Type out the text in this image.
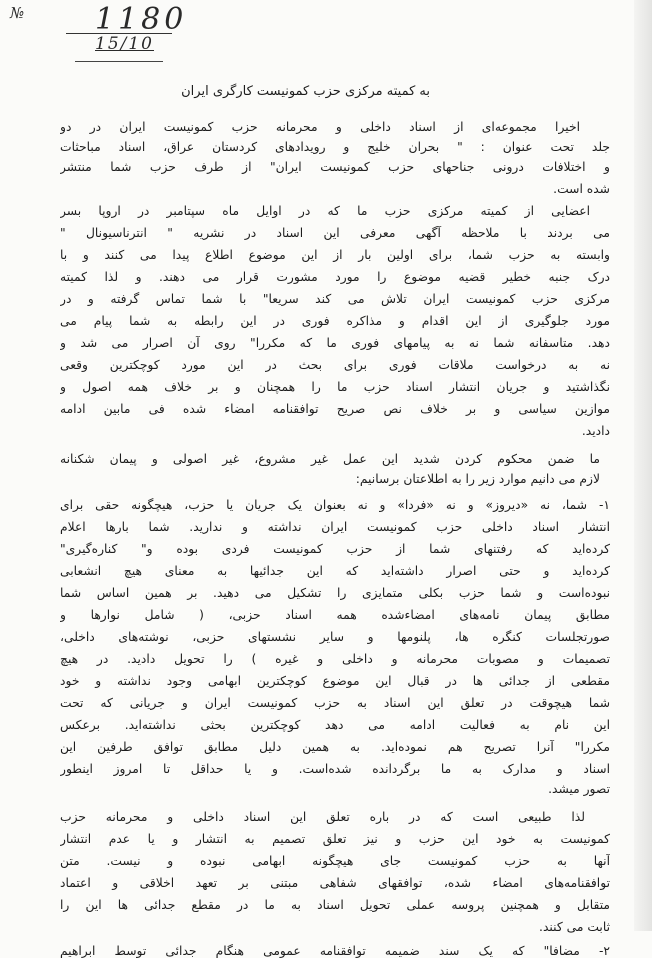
№ 1180
15/10
به کمیته مرکزی حزب کمونیست کارگری ایران
اخیرا مجموعه‌ای از اسناد داخلی و محرمانه حزب کمونیست ایران در دو
جلد تحت عنوان : " بحران خلیج و رویدادهای کردستان عراق، اسناد مباحثات
و اختلافات درونی جناحهای حزب کمونیست ایران" از طرف حزب شما منتشر
شده است.
اعضایی از کمیته مرکزی حزب ما که در اوایل ماه سپتامبر در اروپا بسر
می بردند با ملاحظه آگهی معرفی این اسناد در نشریه " انترناسیونال "
وابسته به حزب شما، برای اولین بار از این موضوع اطلاع پیدا می کنند و با
درک جنبه خطیر قضیه موضوع را مورد مشورت قرار می دهند. و لذا کمیته
مرکزی حزب کمونیست ایران تلاش می کند سریعا" با شما تماس گرفته و در
مورد جلوگیری از این اقدام و مذاکره فوری در این رابطه به شما پیام می
دهد. متاسفانه شما نه به پیامهای فوری ما که مکررا" روی آن اصرار می شد و
نه به درخواست ملاقات فوری برای بحث در این مورد کوچکترین وقعی
نگذاشتید و جریان انتشار اسناد حزب ما را همچنان و بر خلاف همه اصول و
موازین سیاسی و بر خلاف نص صریح توافقنامه امضاء شده فی مابین ادامه
دادید.
ما ضمن محکوم کردن شدید این عمل غیر مشروع، غیر اصولی و پیمان شکنانه
لازم می دانیم موارد زیر را به اطلاعتان برسانیم:
۱- شما، نه «دیروز» و نه «فردا» و نه بعنوان یک جریان یا حزب، هیچگونه حقی برای
انتشار اسناد داخلی حزب کمونیست ایران نداشته و ندارید. شما بارها اعلام
کرده‌اید که رفتنهای شما از حزب کمونیست فردی بوده و" کناره‌گیری"
کرده‌اید و حتی اصرار داشته‌اید که این جدائیها به معنای هیچ انشعابی
نبوده‌است و شما حزب بکلی متمایزی را تشکیل می دهید. بر همین اساس شما
مطابق پیمان نامه‌های امضاءشده همه اسناد حزبی، ( شامل نوارها و
صورتجلسات کنگره ها، پلنومها و سایر نشستهای حزبی، نوشته‌های داخلی،
تصمیمات و مصوبات محرمانه و داخلی و غیره ) را تحویل دادید. در هیچ
مقطعی از جدائی ها در قبال این موضوع کوچکترین ابهامی وجود نداشته و خود
شما هیچوقت در تعلق این اسناد به حزب کمونیست ایران و جریانی که تحت
این نام به فعالیت ادامه می دهد کوچکترین بحثی نداشته‌اید. برعکس
مکررا" آنرا تصریح هم نموده‌اید. به همین دلیل مطابق توافق طرفین این
اسناد و مدارک به ما برگردانده شده‌است. و یا حداقل تا امروز اینطور
تصور میشد.
لذا طبیعی است که در باره تعلق این اسناد داخلی و محرمانه حزب
کمونیست به خود این حزب و نیز تعلق تصمیم به انتشار و یا عدم انتشار
آنها به حزب کمونیست جای هیچگونه ابهامی نبوده و نیست. متن
توافقنامه‌های امضاء شده، توافقهای شفاهی مبتنی بر تعهد اخلاقی و اعتماد
متقابل و همچنین پروسه عملی تحویل اسناد به ما در مقطع جدائی ها این را
ثابت می کنند.
۲- مضافا" که یک سند ضمیمه توافقنامه عمومی هنگام جدائی توسط ابراهیم
